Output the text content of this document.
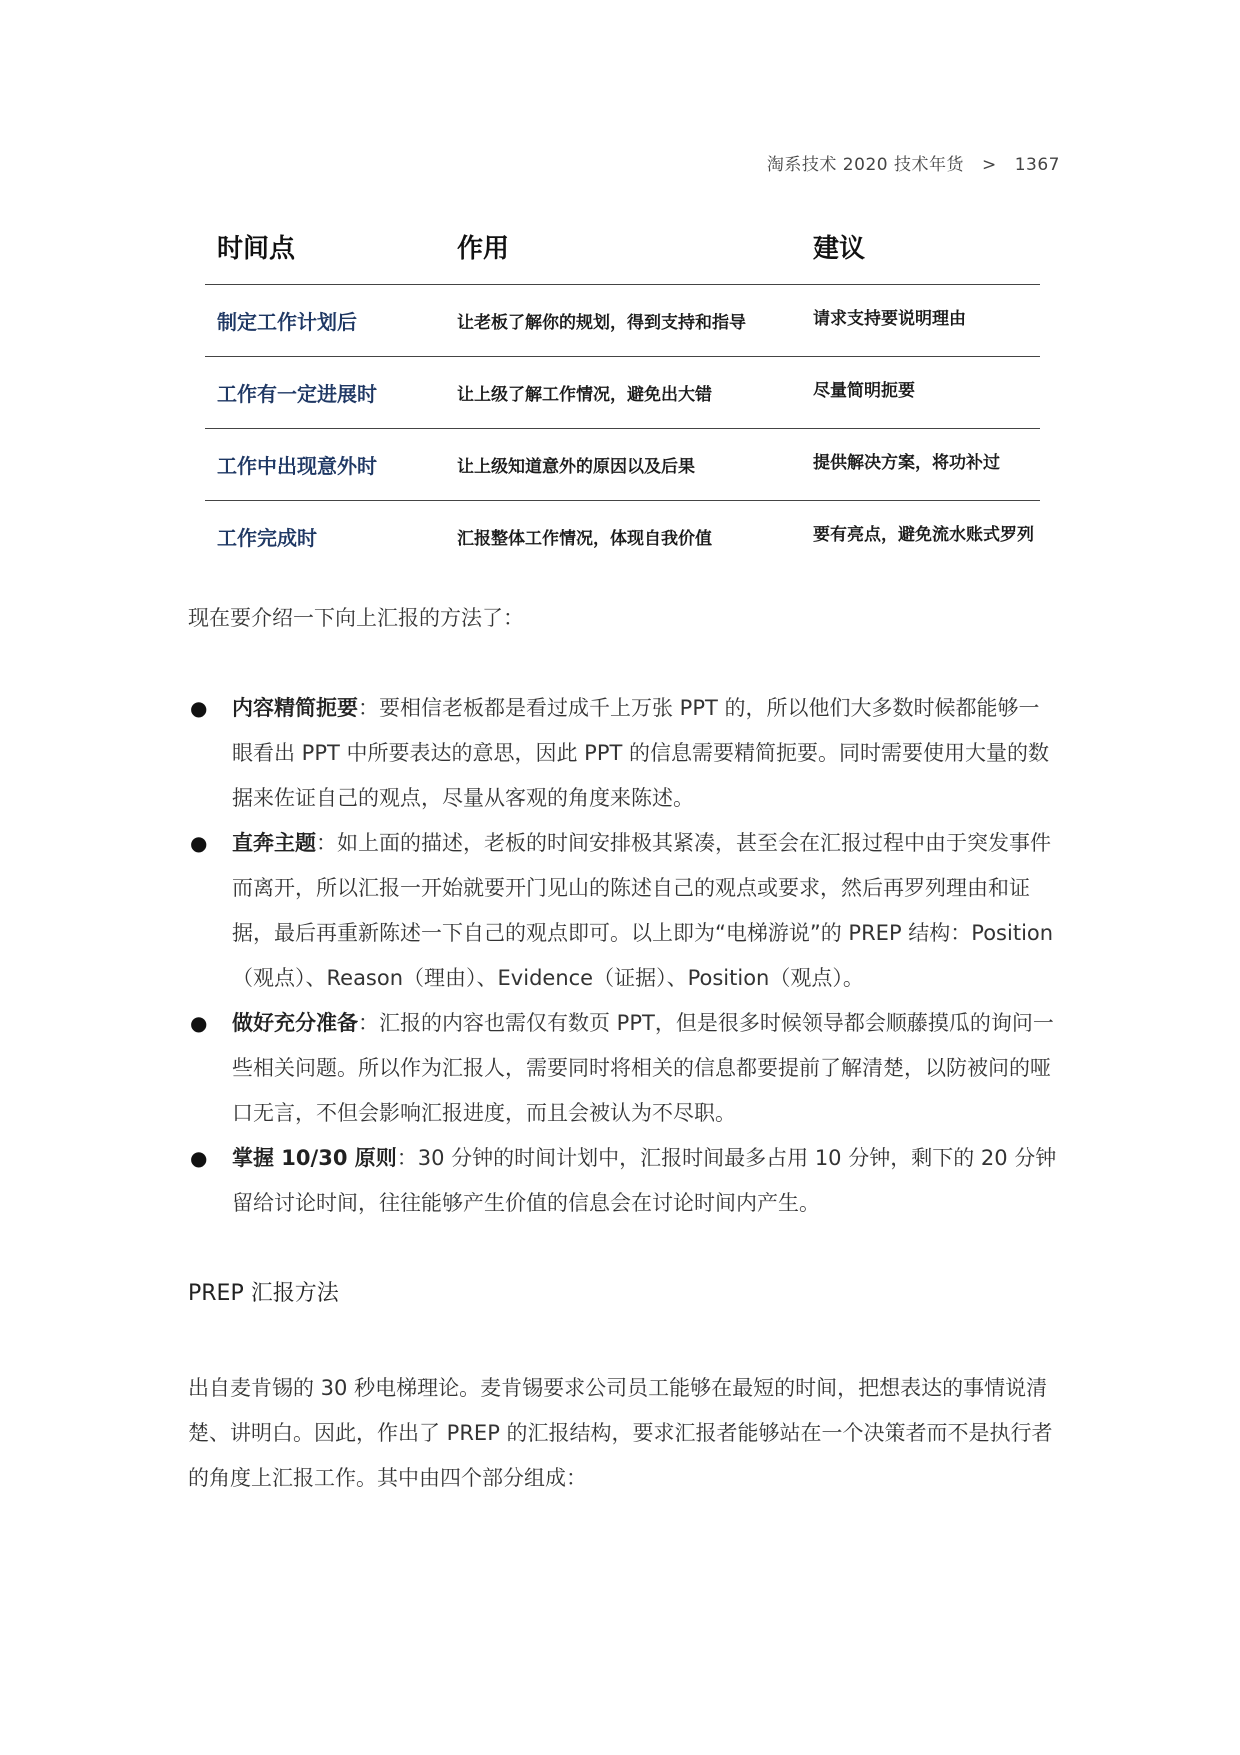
淘系技术 2020 技术年货 > 1367
时间点	作用	建议
制定工作计划后	让老板了解你的规划，得到支持和指导	请求支持要说明理由
工作有一定进展时	让上级了解工作情况，避免出大错	尽量简明扼要
工作中出现意外时	让上级知道意外的原因以及后果	提供解决方案，将功补过
工作完成时	汇报整体工作情况，体现自我价值	要有亮点，避免流水账式罗列
现在要介绍一下向上汇报的方法了：
● 内容精简扼要：要相信老板都是看过成千上万张 PPT 的，所以他们大多数时候都能够一眼看出 PPT 中所要表达的意思，因此 PPT 的信息需要精简扼要。同时需要使用大量的数据来佐证自己的观点，尽量从客观的角度来陈述。
● 直奔主题：如上面的描述，老板的时间安排极其紧凑，甚至会在汇报过程中由于突发事件而离开，所以汇报一开始就要开门见山的陈述自己的观点或要求，然后再罗列理由和证据，最后再重新陈述一下自己的观点即可。以上即为“电梯游说”的 PREP 结构：Position（观点）、Reason（理由）、Evidence（证据）、Position（观点）。
● 做好充分准备：汇报的内容也需仅有数页 PPT，但是很多时候领导都会顺藤摸瓜的询问一些相关问题。所以作为汇报人，需要同时将相关的信息都要提前了解清楚，以防被问的哑口无言，不但会影响汇报进度，而且会被认为不尽职。
● 掌握 10/30 原则：30 分钟的时间计划中，汇报时间最多占用 10 分钟，剩下的 20 分钟留给讨论时间，往往能够产生价值的信息会在讨论时间内产生。
PREP 汇报方法
出自麦肯锡的 30 秒电梯理论。麦肯锡要求公司员工能够在最短的时间，把想表达的事情说清楚、讲明白。因此，作出了 PREP 的汇报结构，要求汇报者能够站在一个决策者而不是执行者的角度上汇报工作。其中由四个部分组成：
